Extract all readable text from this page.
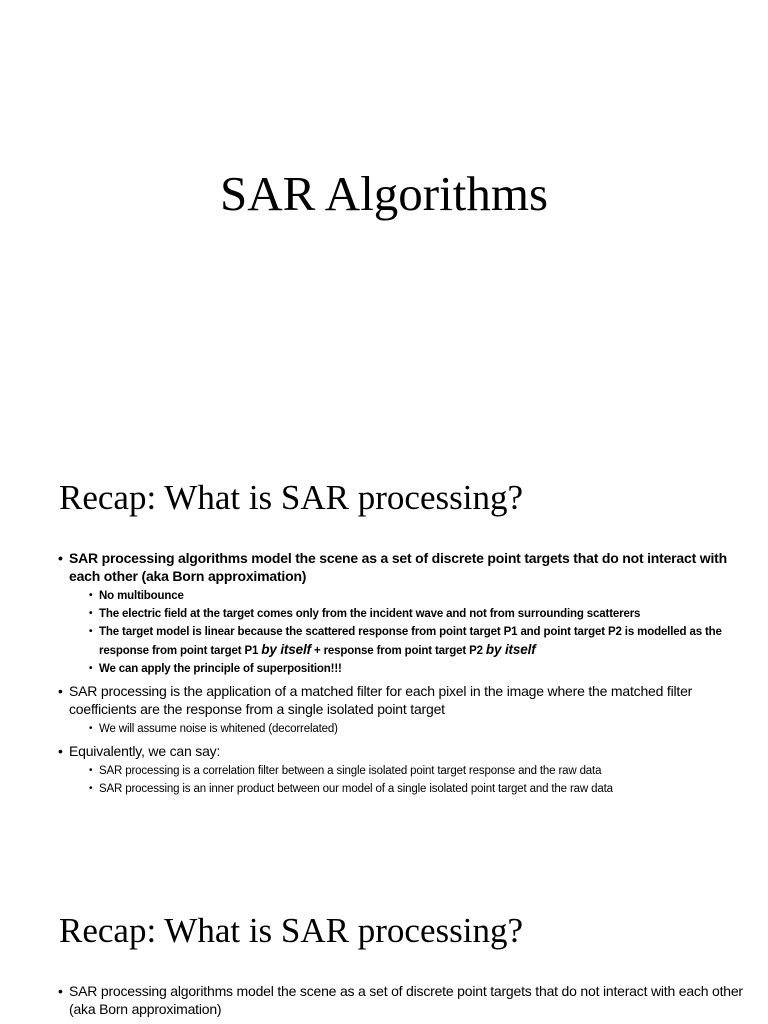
SAR Algorithms
Recap: What is SAR processing?
• SAR processing algorithms model the scene as a set of discrete point targets that do not interact with each other (aka Born approximation)
• No multibounce
• The electric field at the target comes only from the incident wave and not from surrounding scatterers
• The target model is linear because the scattered response from point target P1 and point target P2 is modelled as the response from point target P1 by itself + response from point target P2 by itself
• We can apply the principle of superposition!!!
• SAR processing is the application of a matched filter for each pixel in the image where the matched filter coefficients are the response from a single isolated point target
• We will assume noise is whitened (decorrelated)
• Equivalently, we can say:
• SAR processing is a correlation filter between a single isolated point target response and the raw data
• SAR processing is an inner product between our model of a single isolated point target and the raw data
Recap: What is SAR processing?
• SAR processing algorithms model the scene as a set of discrete point targets that do not interact with each other (aka Born approximation)
